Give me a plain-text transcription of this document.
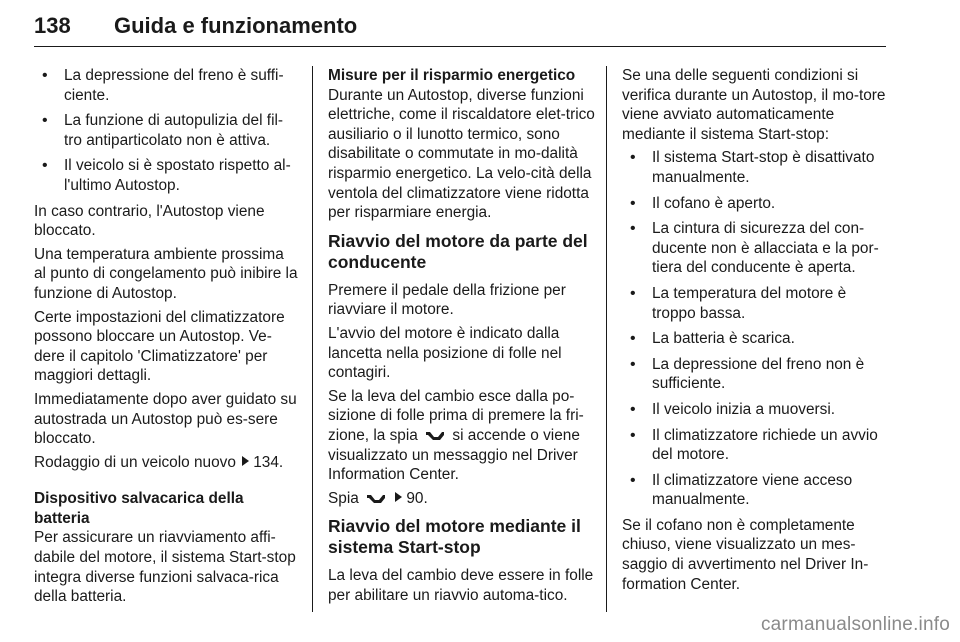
138	Guida e funzionamento
• La depressione del freno è suffi-ciente.
• La funzione di autopulizia del fil-tro antiparticolato non è attiva.
• Il veicolo si è spostato rispetto al-l'ultimo Autostop.

In caso contrario, l'Autostop viene bloccato.

Una temperatura ambiente prossima al punto di congelamento può inibire la funzione di Autostop.

Certe impostazioni del climatizzatore possono bloccare un Autostop. Ve-dere il capitolo 'Climatizzatore' per maggiori dettagli.

Immediatamente dopo aver guidato su autostrada un Autostop può es-sere bloccato.

Rodaggio di un veicolo nuovo 134.

Dispositivo salvacarica della batteria

Per assicurare un riavviamento affi-dabile del motore, il sistema Start-stop integra diverse funzioni salvaca-rica della batteria.

Misure per il risparmio energetico

Durante un Autostop, diverse funzioni elettriche, come il riscaldatore elet-trico ausiliario o il lunotto termico, sono disabilitate o commutate in mo-dalità risparmio energetico. La velo-cità della ventola del climatizzatore viene ridotta per risparmiare energia.

Riavvio del motore da parte del conducente

Premere il pedale della frizione per riavviare il motore.

L'avvio del motore è indicato dalla lancetta nella posizione di folle nel contagiri.

Se la leva del cambio esce dalla po-sizione di folle prima di premere la fri-zione, la spia si accende o viene visualizzato un messaggio nel Driver Information Center.

Spia	90.

Riavvio del motore mediante il sistema Start-stop

La leva del cambio deve essere in folle per abilitare un riavvio automa-tico.

Se una delle seguenti condizioni si verifica durante un Autostop, il mo-tore viene avviato automaticamente mediante il sistema Start-stop:

• Il sistema Start-stop è disattivato manualmente.
• Il cofano è aperto.
• La cintura di sicurezza del con-ducente non è allacciata e la por-tiera del conducente è aperta.
• La temperatura del motore è troppo bassa.
• La batteria è scarica.
• La depressione del freno non è sufficiente.
• Il veicolo inizia a muoversi.
• Il climatizzatore richiede un avvio del motore.
• Il climatizzatore viene acceso manualmente.

Se il cofano non è completamente chiuso, viene visualizzato un mes-saggio di avvertimento nel Driver In-formation Center.

carmanualsonline.info
